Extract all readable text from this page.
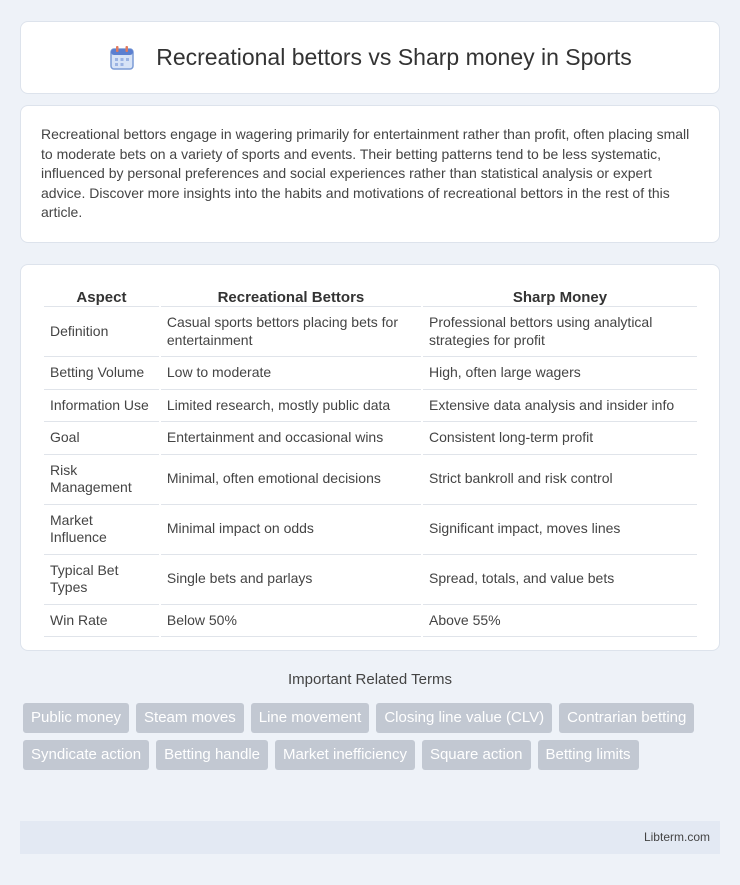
Recreational bettors vs Sharp money in Sports

Recreational bettors engage in wagering primarily for entertainment rather than profit, often placing small to moderate bets on a variety of sports and events. Their betting patterns tend to be less systematic, influenced by personal preferences and social experiences rather than statistical analysis or expert advice. Discover more insights into the habits and motivations of recreational bettors in the rest of this article.

Aspect	Recreational Bettors	Sharp Money
Definition	Casual sports bettors placing bets for entertainment	Professional bettors using analytical strategies for profit
Betting Volume	Low to moderate	High, often large wagers
Information Use	Limited research, mostly public data	Extensive data analysis and insider info
Goal	Entertainment and occasional wins	Consistent long-term profit
Risk Management	Minimal, often emotional decisions	Strict bankroll and risk control
Market Influence	Minimal impact on odds	Significant impact, moves lines
Typical Bet Types	Single bets and parlays	Spread, totals, and value bets
Win Rate	Below 50%	Above 55%
Important Related Terms
Public money	Steam moves	Line movement	Closing line value (CLV)	Contrarian betting
Syndicate action	Betting handle	Market inefficiency	Square action	Betting limits
Libterm.com
